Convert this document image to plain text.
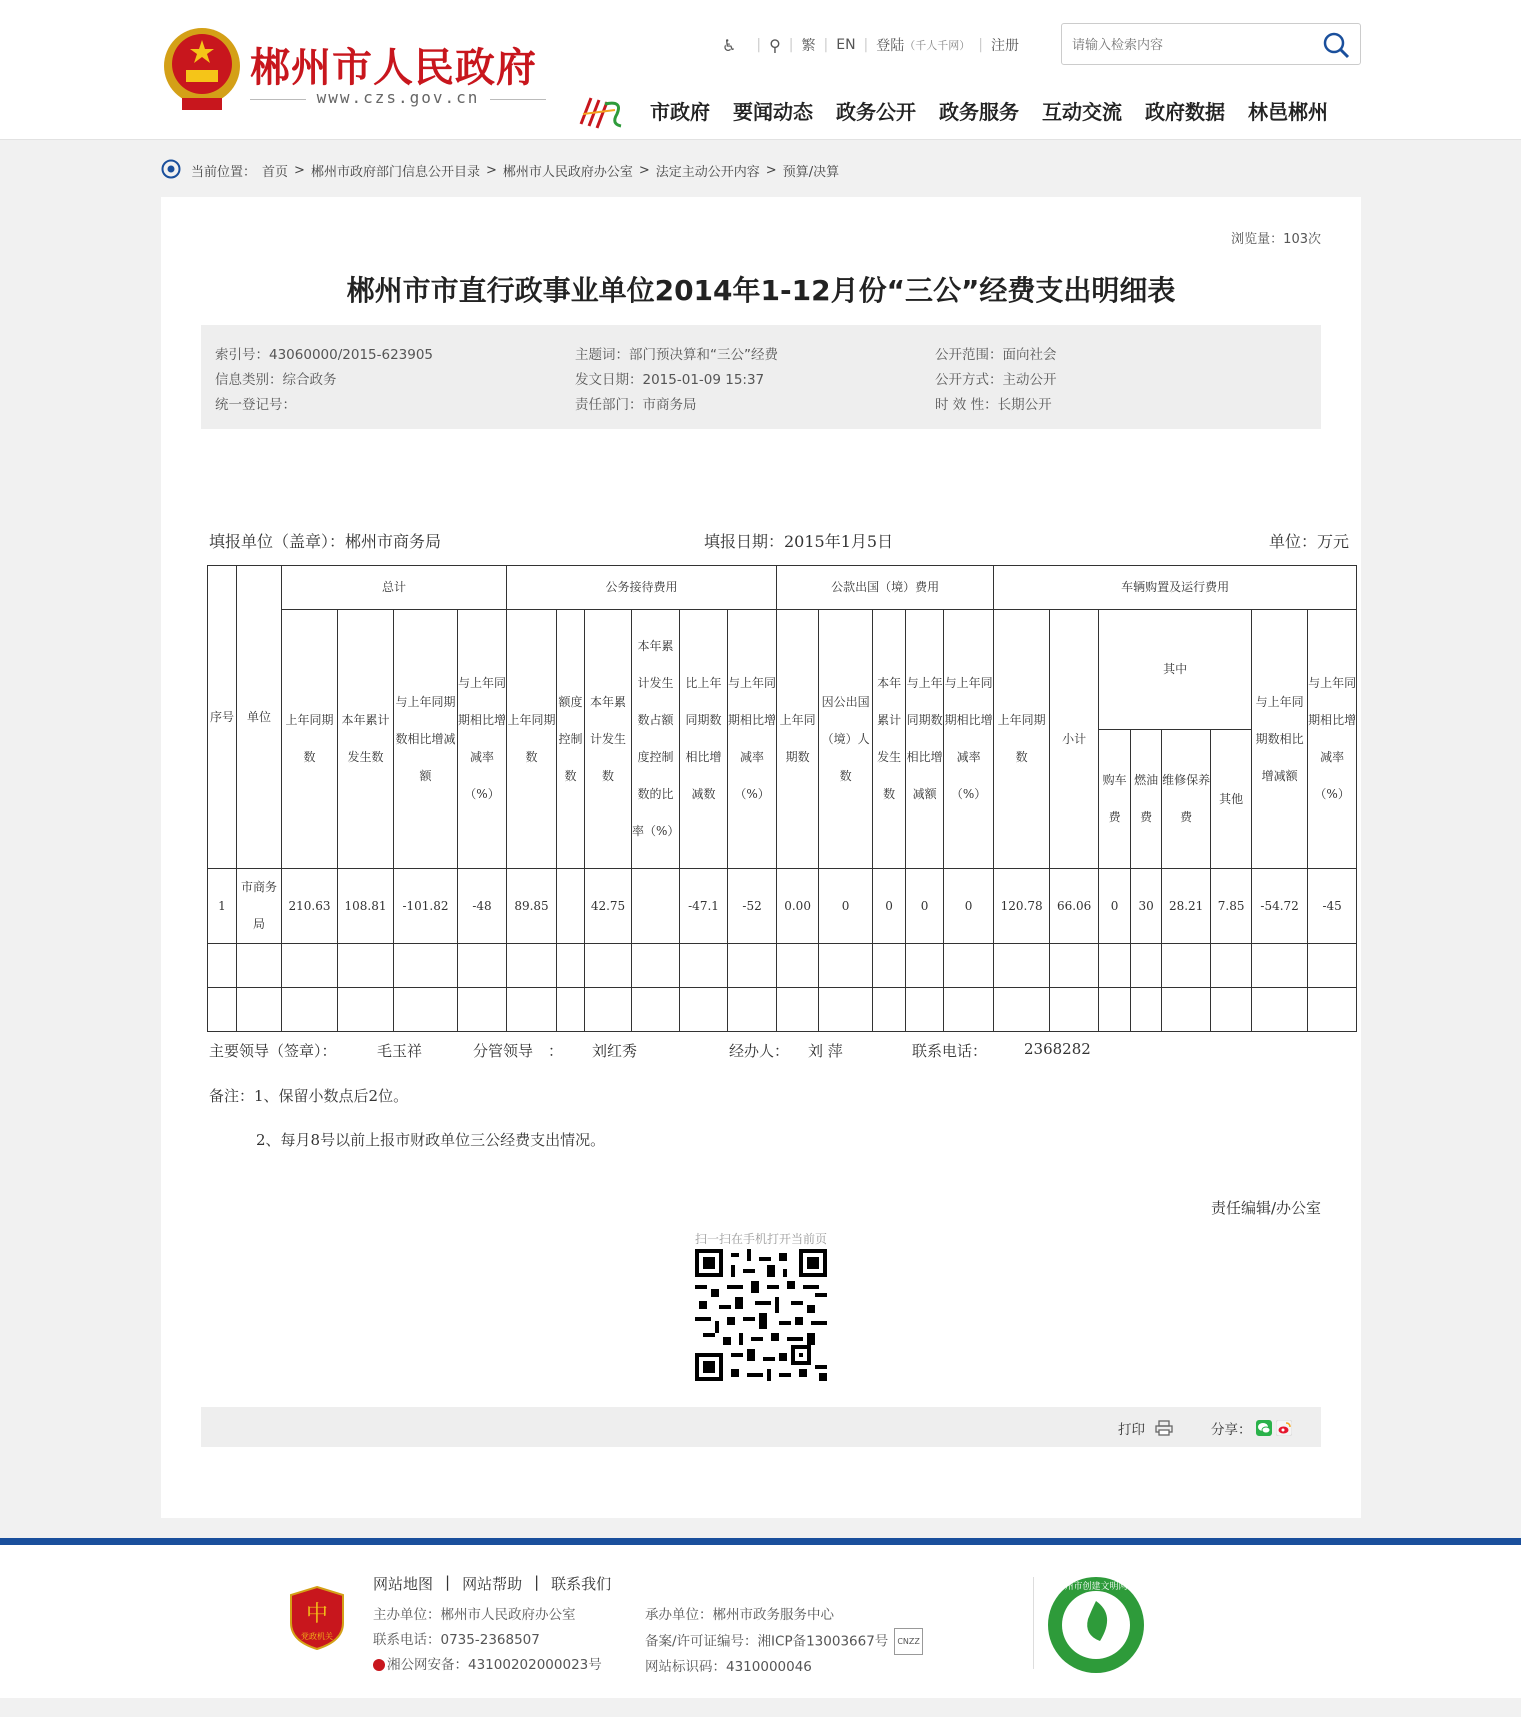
郴州市人民政府
www.czs.gov.cn
♿ | ⚲ | 繁 | EN | 登陆 （千人千网） | 注册
请输入检索内容
市政府 要闻动态 政务公开 政务服务 互动交流 政府数据 林邑郴州
当前位置： 首页 > 郴州市政府部门信息公开目录 > 郴州市人民政府办公室 > 法定主动公开内容 > 预算/决算
浏览量：103次
郴州市市直行政事业单位2014年1-12月份“三公”经费支出明细表
索引号：43060000/2015-623905
信息类别：综合政务
统一登记号：
主题词：部门预决算和“三公”经费
发文日期：2015-01-09 15:37
责任部门：市商务局
公开范围：面向社会
公开方式：主动公开
时 效 性：长期公开
填报单位（盖章）：郴州市商务局	填报日期：2015年1月5日	单位：万元
序号	单位	总计				公务接待费用						公款出国（境）费用					车辆购置及运行费用							
		上年同期数	本年累计发生数	与上年同期数相比增减额	与上年同期相比增减率（%）	上年同期数	额度控制数	本年累计发生数	本年累计发生数占额度控制数的比率（%）	比上年同期数相比增减数	与上年同期相比增减率（%）	上年同期数	因公出国（境）人数	本年累计发生数	与上年同期数相比增减额	与上年同期相比增减率（%）	上年同期数	小计	其中				与上年同期数相比增减额	与上年同期相比增减率（%）
																			购车费	燃油费	维修保养费	其他		
1	市商务局	210.63	108.81	-101.82	-48	89.85		42.75		-47.1	-52	0.00	0	0	0	0	120.78	66.06	0	30	28.21	7.85	-54.72	-45

主要领导（签章）：	毛玉祥	分管领导　： 刘红秀	经办人： 刘 萍	联系电话： 2368282
备注：1、保留小数点后2位。
2、每月8号以前上报市财政单位三公经费支出情况。
责任编辑/办公室
扫一扫在手机打开当前页
打印	分享：
中
党政机关
网站地图 | 网站帮助 | 联系我们
主办单位：郴州市人民政府办公室
联系电话：0735-2368507
湘公网安备：43100202000023号
承办单位：郴州市政务服务中心
备案/许可证编号：湘ICP备13003667号 CNZZ
网站标识码：4310000046
郴州市创建文明网站
